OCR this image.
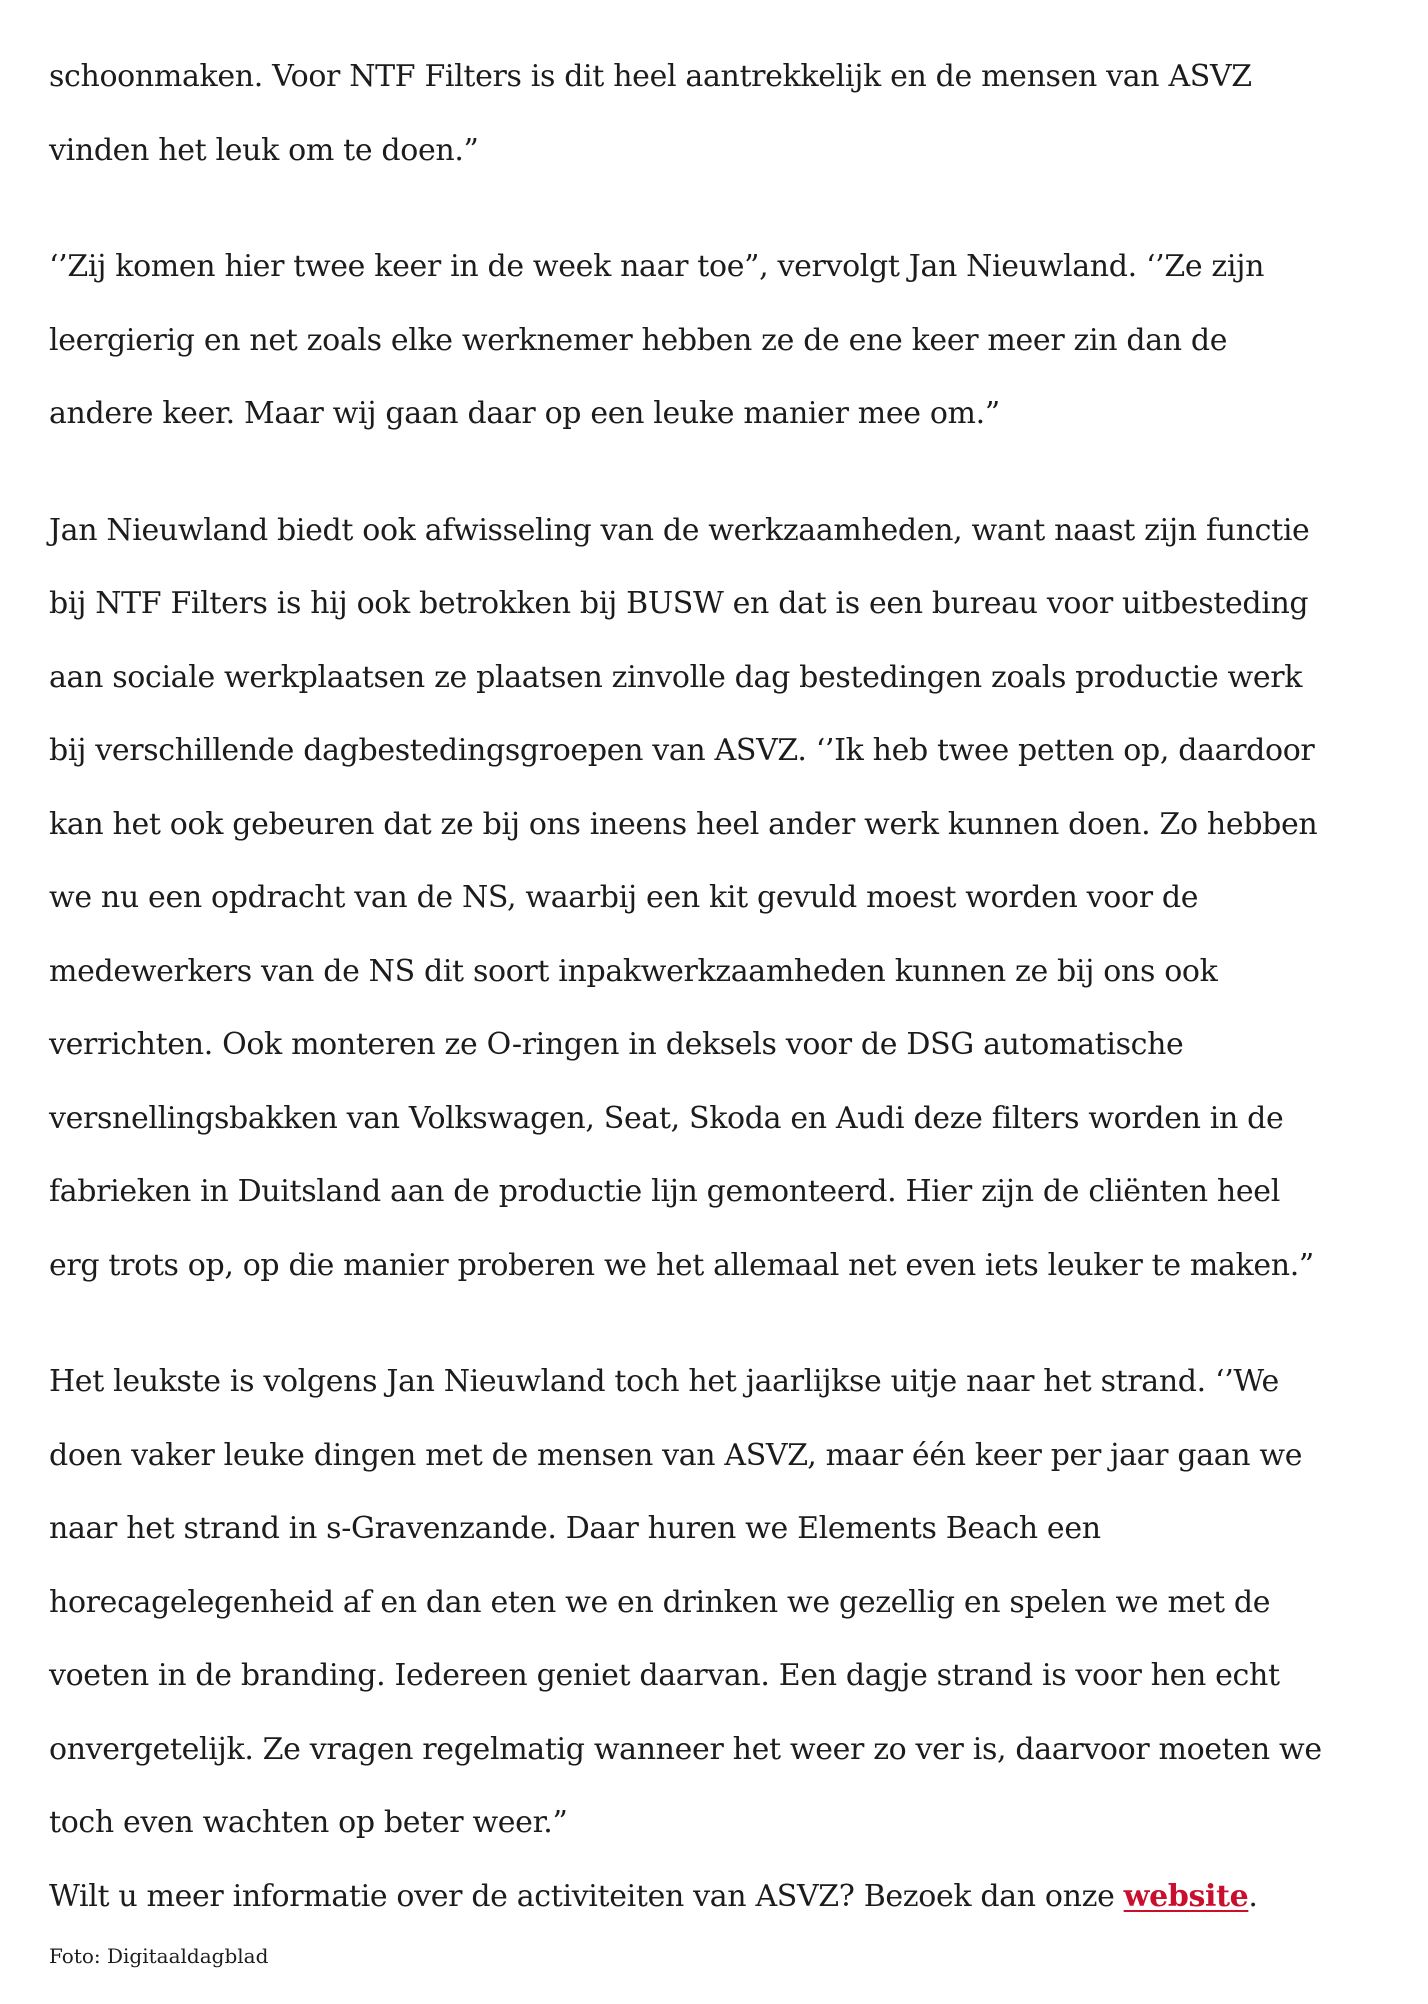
schoonmaken. Voor NTF Filters is dit heel aantrekkelijk en de mensen van ASVZ
vinden het leuk om te doen.”

‘’Zij komen hier twee keer in de week naar toe”, vervolgt Jan Nieuwland. ‘’Ze zijn
leergierig en net zoals elke werknemer hebben ze de ene keer meer zin dan de
andere keer. Maar wij gaan daar op een leuke manier mee om.”

Jan Nieuwland biedt ook afwisseling van de werkzaamheden, want naast zijn functie
bij NTF Filters is hij ook betrokken bij BUSW en dat is een bureau voor uitbesteding
aan sociale werkplaatsen ze plaatsen zinvolle dag bestedingen zoals productie werk
bij verschillende dagbestedingsgroepen van ASVZ. ‘’Ik heb twee petten op, daardoor
kan het ook gebeuren dat ze bij ons ineens heel ander werk kunnen doen. Zo hebben
we nu een opdracht van de NS, waarbij een kit gevuld moest worden voor de
medewerkers van de NS dit soort inpakwerkzaamheden kunnen ze bij ons ook
verrichten. Ook monteren ze O-ringen in deksels voor de DSG automatische
versnellingsbakken van Volkswagen, Seat, Skoda en Audi deze filters worden in de
fabrieken in Duitsland aan de productie lijn gemonteerd. Hier zijn de cliënten heel
erg trots op, op die manier proberen we het allemaal net even iets leuker te maken.”

Het leukste is volgens Jan Nieuwland toch het jaarlijkse uitje naar het strand. ‘’We
doen vaker leuke dingen met de mensen van ASVZ, maar één keer per jaar gaan we
naar het strand in s-Gravenzande. Daar huren we Elements Beach een
horecagelegenheid af en dan eten we en drinken we gezellig en spelen we met de
voeten in de branding. Iedereen geniet daarvan. Een dagje strand is voor hen echt
onvergetelijk. Ze vragen regelmatig wanneer het weer zo ver is, daarvoor moeten we
toch even wachten op beter weer.”

Wilt u meer informatie over de activiteiten van ASVZ? Bezoek dan onze website.

Foto: Digitaaldagblad
